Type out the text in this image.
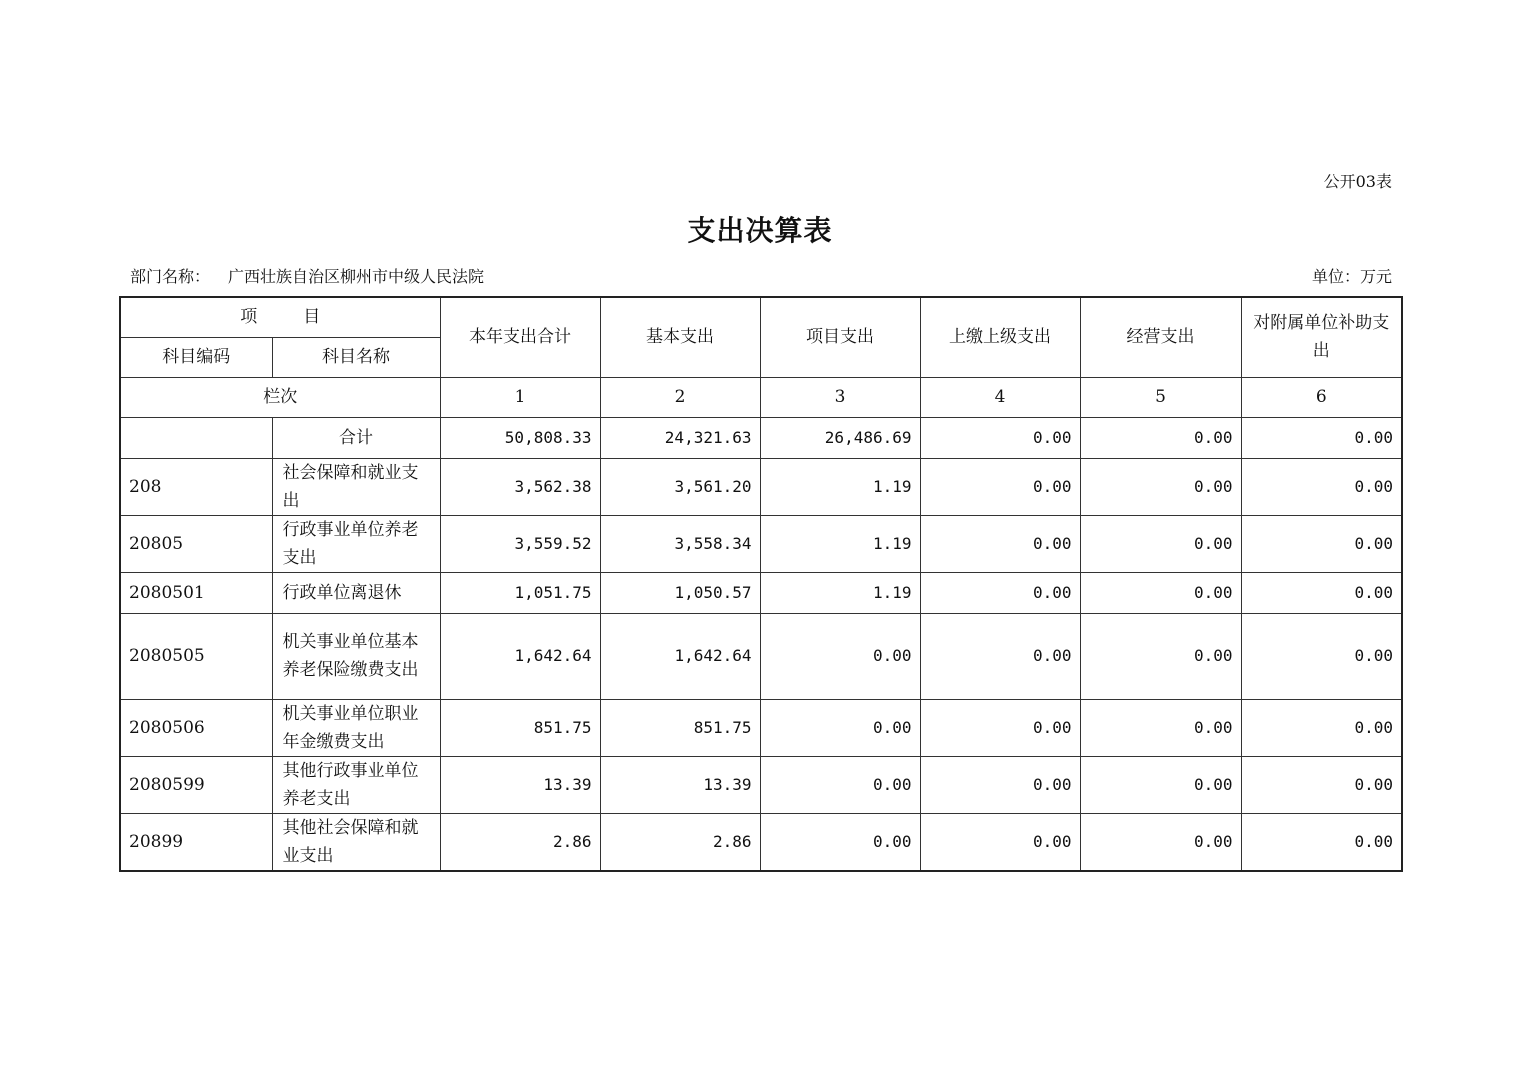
公开03表
支出决算表
部门名称： 广西壮族自治区柳州市中级人民法院	单位：万元
项 目		本年支出合计	基本支出	项目支出	上缴上级支出	经营支出	对附属单位补助支出
科目编码	科目名称						
栏次		1	2	3	4	5	6
	合计	50,808.33	24,321.63	26,486.69	0.00	0.00	0.00
208	社会保障和就业支出	3,562.38	3,561.20	1.19	0.00	0.00	0.00
20805	行政事业单位养老支出	3,559.52	3,558.34	1.19	0.00	0.00	0.00
2080501	行政单位离退休	1,051.75	1,050.57	1.19	0.00	0.00	0.00
2080505	机关事业单位基本养老保险缴费支出	1,642.64	1,642.64	0.00	0.00	0.00	0.00
2080506	机关事业单位职业年金缴费支出	851.75	851.75	0.00	0.00	0.00	0.00
2080599	其他行政事业单位养老支出	13.39	13.39	0.00	0.00	0.00	0.00
20899	其他社会保障和就业支出	2.86	2.86	0.00	0.00	0.00	0.00
